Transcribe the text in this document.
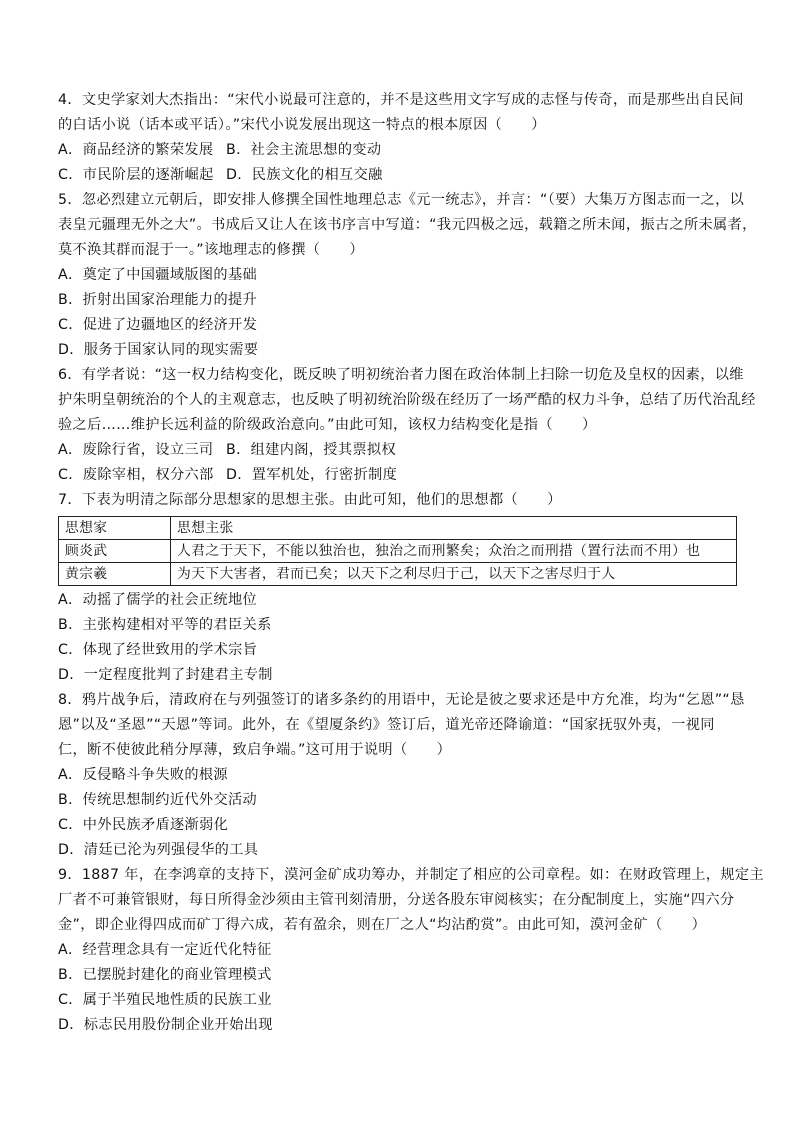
4．文史学家刘大杰指出：“宋代小说最可注意的，并不是这些用文字写成的志怪与传奇，而是那些出自民间

的白话小说（话本或平话）。”宋代小说发展出现这一特点的根本原因（　　）

A．商品经济的繁荣发展 B．社会主流思想的变动

C．市民阶层的逐渐崛起 D．民族文化的相互交融

5．忽必烈建立元朝后，即安排人修撰全国性地理总志《元一统志》，并言：“（要）大集万方图志而一之，以

表皇元疆理无外之大”。书成后又让人在该书序言中写道：“我元四极之远，载籍之所未闻，振古之所未属者，

莫不涣其群而混于一。”该地理志的修撰（　　）

A．奠定了中国疆域版图的基础

B．折射出国家治理能力的提升

C．促进了边疆地区的经济开发

D．服务于国家认同的现实需要

6．有学者说：“这一权力结构变化，既反映了明初统治者力图在政治体制上扫除一切危及皇权的因素，以维

护朱明皇朝统治的个人的主观意志，也反映了明初统治阶级在经历了一场严酷的权力斗争，总结了历代治乱经

验之后……维护长远利益的阶级政治意向。”由此可知，该权力结构变化是指（　　）

A．废除行省，设立三司 B．组建内阁，授其票拟权

C．废除宰相，权分六部 D．置军机处，行密折制度

7．下表为明清之际部分思想家的思想主张。由此可知，他们的思想都（　　）

思想家	思想主张
顾炎武	人君之于天下，不能以独治也，独治之而刑繁矣；众治之而刑措（置行法而不用）也
黄宗羲	为天下大害者，君而已矣；以天下之利尽归于己，以天下之害尽归于人

A．动摇了儒学的社会正统地位

B．主张构建相对平等的君臣关系

C．体现了经世致用的学术宗旨

D．一定程度批判了封建君主专制

8．鸦片战争后，清政府在与列强签订的诸多条约的用语中，无论是彼之要求还是中方允准，均为“乞恩”“恳

恩”以及“圣恩”“天恩”等词。此外，在《望厦条约》签订后，道光帝还降谕道：“国家抚驭外夷，一视同

仁，断不使彼此稍分厚薄，致启争端。”这可用于说明（　　）

A．反侵略斗争失败的根源

B．传统思想制约近代外交活动

C．中外民族矛盾逐渐弱化

D．清廷已沦为列强侵华的工具

9．1887 年，在李鸿章的支持下，漠河金矿成功筹办，并制定了相应的公司章程。如：在财政管理上，规定主

厂者不可兼管银财，每日所得金沙须由主管刊刻清册，分送各股东审阅核实；在分配制度上，实施“四六分

金”，即企业得四成而矿丁得六成，若有盈余，则在厂之人“均沾酌赏”。由此可知，漠河金矿（　　）

A．经营理念具有一定近代化特征

B．已摆脱封建化的商业管理模式

C．属于半殖民地性质的民族工业

D．标志民用股份制企业开始出现
